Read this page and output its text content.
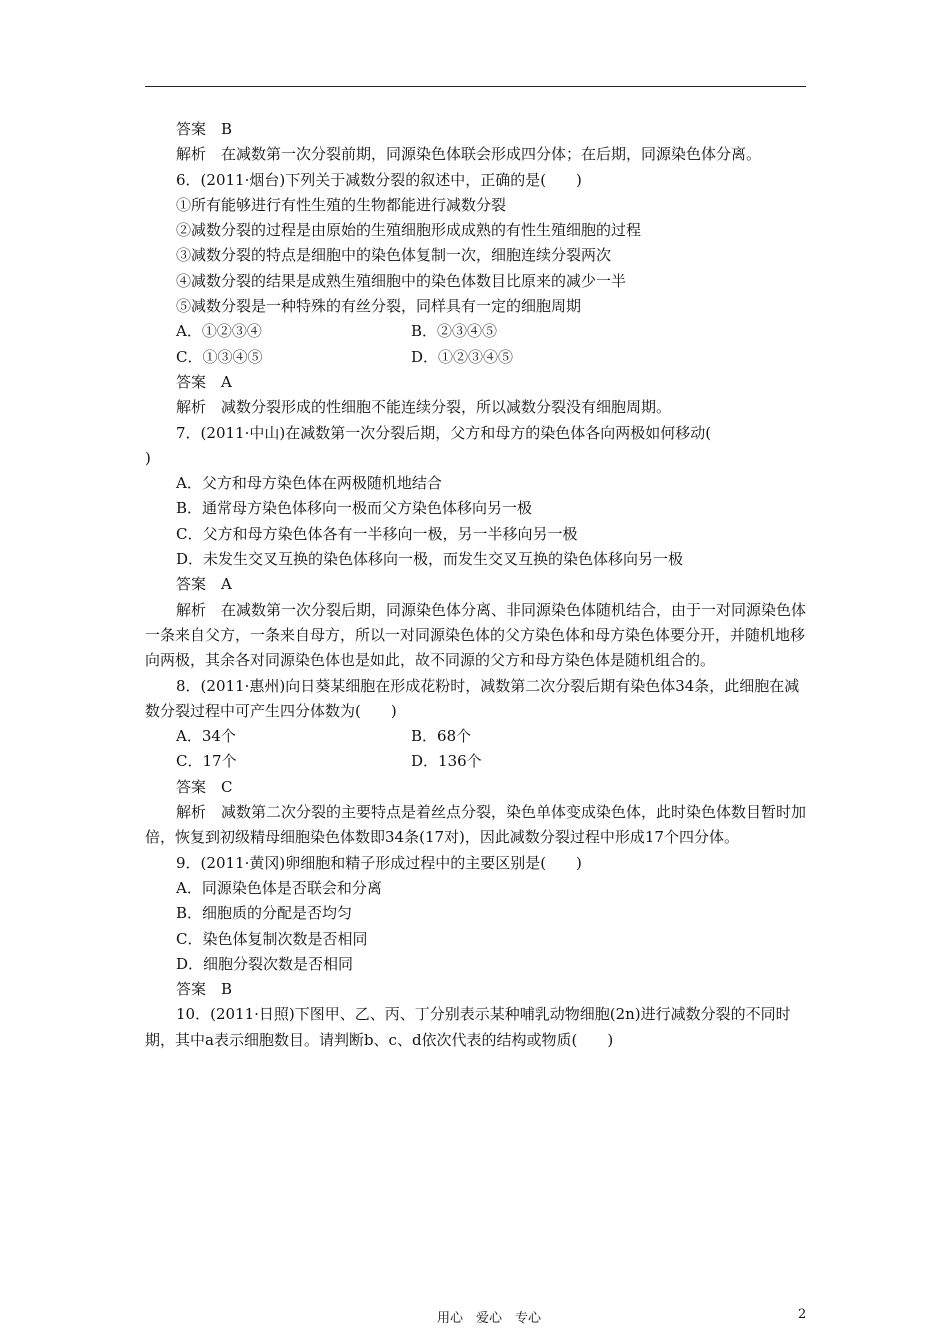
答案　B
解析　在减数第一次分裂前期，同源染色体联会形成四分体；在后期，同源染色体分离。
6．(2011·烟台)下列关于减数分裂的叙述中，正确的是(　　)
①所有能够进行有性生殖的生物都能进行减数分裂
②减数分裂的过程是由原始的生殖细胞形成成熟的有性生殖细胞的过程
③减数分裂的特点是细胞中的染色体复制一次，细胞连续分裂两次
④减数分裂的结果是成熟生殖细胞中的染色体数目比原来的减少一半
⑤减数分裂是一种特殊的有丝分裂，同样具有一定的细胞周期
A．①②③④	B．②③④⑤
C．①③④⑤	D．①②③④⑤
答案　A
解析　减数分裂形成的性细胞不能连续分裂，所以减数分裂没有细胞周期。
7．(2011·中山)在减数第一次分裂后期，父方和母方的染色体各向两极如何移动(
)
A．父方和母方染色体在两极随机地结合
B．通常母方染色体移向一极而父方染色体移向另一极
C．父方和母方染色体各有一半移向一极，另一半移向另一极
D．未发生交叉互换的染色体移向一极，而发生交叉互换的染色体移向另一极
答案　A
解析　在减数第一次分裂后期，同源染色体分离、非同源染色体随机结合，由于一对同源染色体一条来自父方，一条来自母方，所以一对同源染色体的父方染色体和母方染色体要分开，并随机地移向两极，其余各对同源染色体也是如此，故不同源的父方和母方染色体是随机组合的。
8．(2011·惠州)向日葵某细胞在形成花粉时，减数第二次分裂后期有染色体34条，此细胞在减数分裂过程中可产生四分体数为(　　)
A．34个	B．68个
C．17个	D．136个
答案　C
解析　减数第二次分裂的主要特点是着丝点分裂，染色单体变成染色体，此时染色体数目暂时加倍，恢复到初级精母细胞染色体数即34条(17对)，因此减数分裂过程中形成17个四分体。
9．(2011·黄冈)卵细胞和精子形成过程中的主要区别是(　　)
A．同源染色体是否联会和分离
B．细胞质的分配是否均匀
C．染色体复制次数是否相同
D．细胞分裂次数是否相同
答案　B
10．(2011·日照)下图甲、乙、丙、丁分别表示某种哺乳动物细胞(2n)进行减数分裂的不同时期，其中a表示细胞数目。请判断b、c、d依次代表的结构或物质(　　)
用心　爱心　专心	2
